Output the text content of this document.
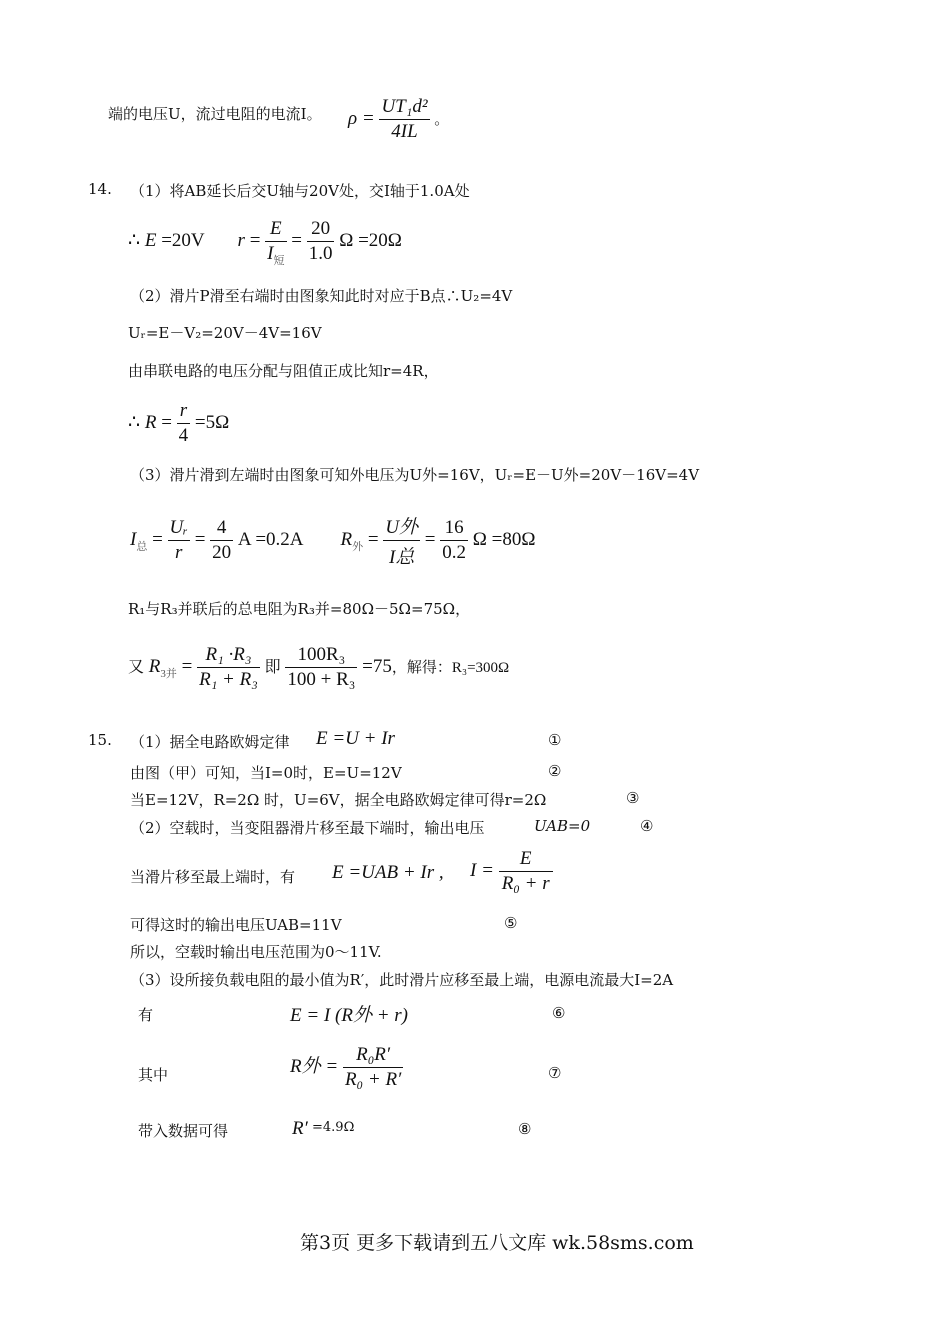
端的电压U，流过电阻的电流I。 $\rho = \frac{\text{UT₁d²}}{4IL}$ 。
14. （1）将AB延长后交U轴与20V处，交I轴于1.0A处
∴ E =20V $r = \frac{E}{I_短} = \frac{20}{1.0}$ Ω =20Ω
（2）滑片P滑至右端时由图象知此时对应于B点∴U₂=4V
Uᵣ=E－V₂=20V－4V=16V
由串联电路的电压分配与阻值正成比知r=4R，
∴ $R = \frac{r}{4} =5\Omega$
（3）滑片滑到左端时由图象可知外电压为U外=16V，Uᵣ=E－U外=20V－16V=4V
$I_总 = \frac{\text{Uᵣ}}{r} = \frac{4}{20}$ A =0.2A $R_外 = \frac{\text{U外}}{\text{I总}} = \frac{16}{0.2}$ Ω =80Ω
R₁与R₃并联后的总电阻为R₃并=80Ω－5Ω=75Ω，
又 $R_{3并} = \frac{\text{R₁ ·R₃}}{\text{R₁ + R₃}}$ 即 $\frac{\text{100R₃}}{\text{100 + R₃}} =75$，解得：R₃=300Ω
15. （1）据全电路欧姆定律 E =U + Ir	①
由图（甲）可知，当I=0时，E=U=12V	②
当E=12V，R=2Ω 时，U=6V，据全电路欧姆定律可得r=2Ω	③
（2）空载时，当变阻器滑片移至最下端时，输出电压	UAB=0	④
当滑片移至最上端时，有 E =UAB + Ir , $I = \frac{E}{\text{R₀ + r}}$
可得这时的输出电压UAB=11V	⑤
所以，空载时输出电压范围为0～11V.
（3）设所接负载电阻的最小值为R′，此时滑片应移至最上端，电源电流最大I=2A
有	E = I (R外 + r)	⑥
其中	R外 = $\frac{\text{R₀R′}}{\text{R₀ + R′}}$	⑦
带入数据可得	R′ =4.9Ω	⑧
第3页 更多下载请到五八文库 wk.58sms.com
